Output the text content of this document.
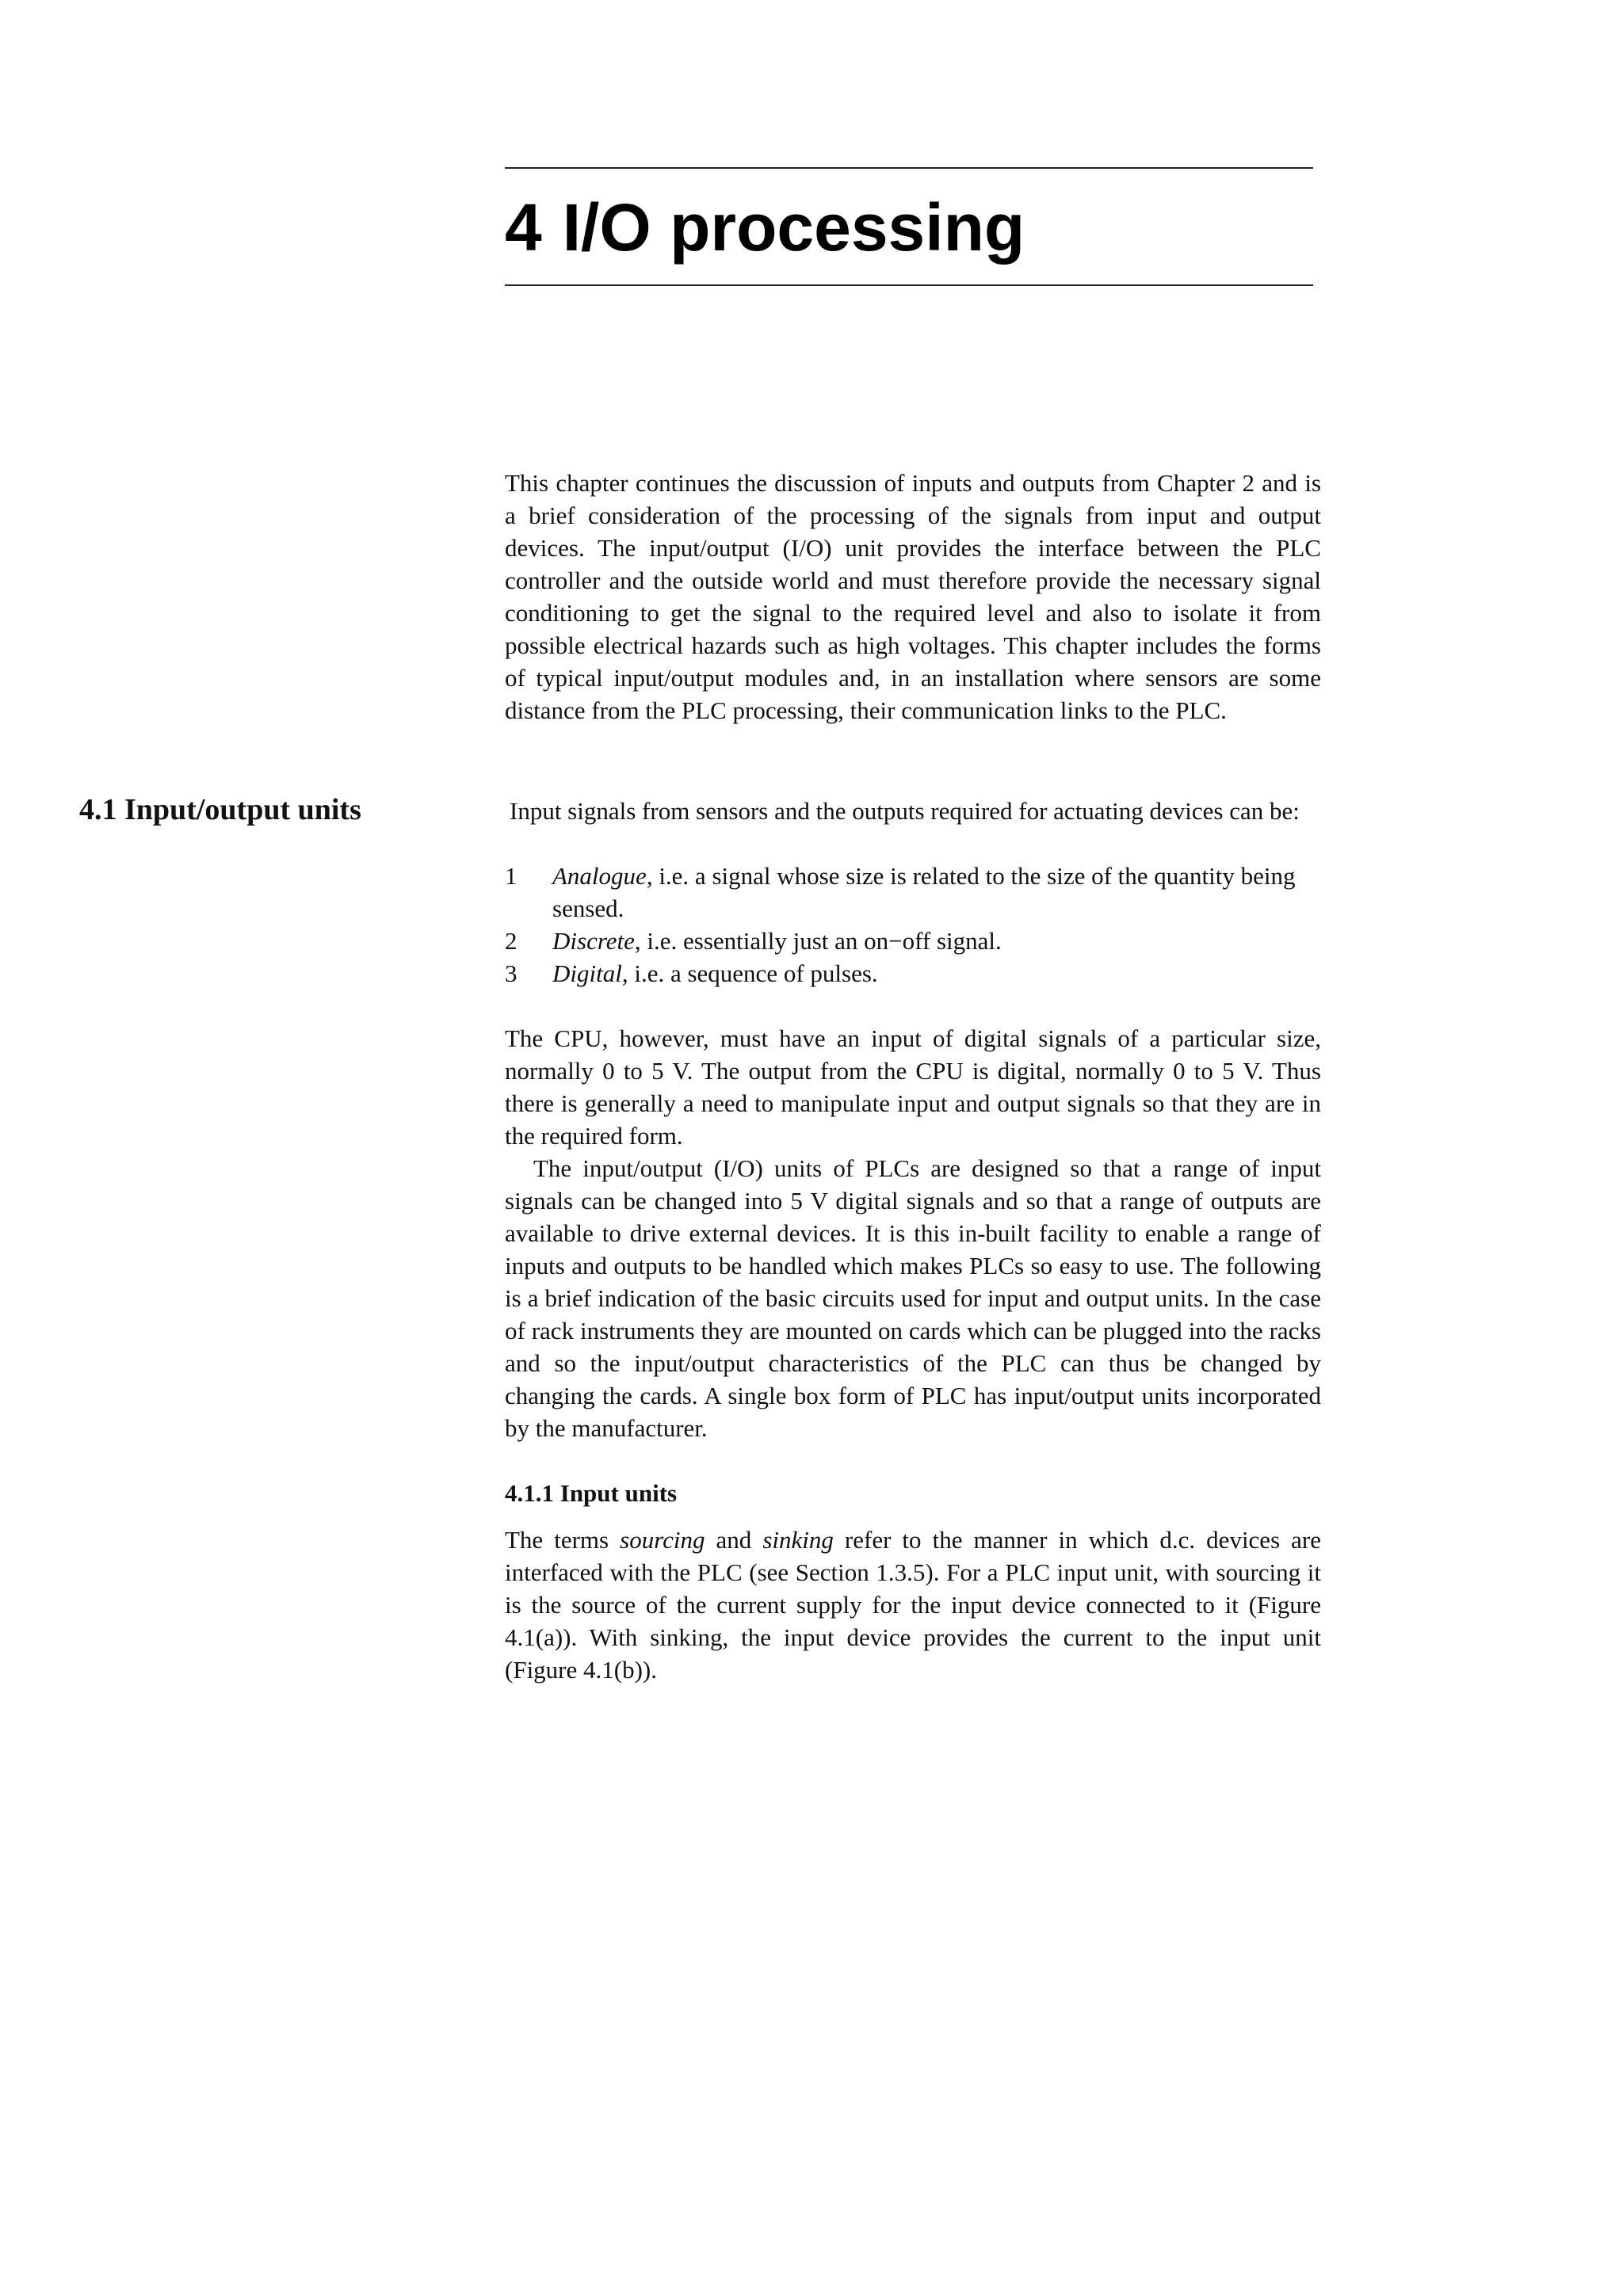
4 I/O processing

This chapter continues the discussion of inputs and outputs from Chapter 2 and is a brief consideration of the processing of the signals from input and output devices. The input/output (I/O) unit provides the interface between the PLC controller and the outside world and must therefore provide the necessary signal conditioning to get the signal to the required level and also to isolate it from possible electrical hazards such as high voltages. This chapter includes the forms of typical input/output modules and, in an installation where sensors are some distance from the PLC processing, their communication links to the PLC.

4.1 Input/output units	Input signals from sensors and the outputs required for actuating devices can be:

1 Analogue, i.e. a signal whose size is related to the size of the quantity being sensed.
2 Discrete, i.e. essentially just an on−off signal.
3 Digital, i.e. a sequence of pulses.

The CPU, however, must have an input of digital signals of a particular size, normally 0 to 5 V. The output from the CPU is digital, normally 0 to 5 V. Thus there is generally a need to manipulate input and output signals so that they are in the required form.

The input/output (I/O) units of PLCs are designed so that a range of input signals can be changed into 5 V digital signals and so that a range of outputs are available to drive external devices. It is this in-built facility to enable a range of inputs and outputs to be handled which makes PLCs so easy to use. The following is a brief indication of the basic circuits used for input and output units. In the case of rack instruments they are mounted on cards which can be plugged into the racks and so the input/output characteristics of the PLC can thus be changed by changing the cards. A single box form of PLC has input/output units incorporated by the manufacturer.

4.1.1 Input units

The terms sourcing and sinking refer to the manner in which d.c. devices are interfaced with the PLC (see Section 1.3.5). For a PLC input unit, with sourcing it is the source of the current supply for the input device connected to it (Figure 4.1(a)). With sinking, the input device provides the current to the input unit (Figure 4.1(b)).
